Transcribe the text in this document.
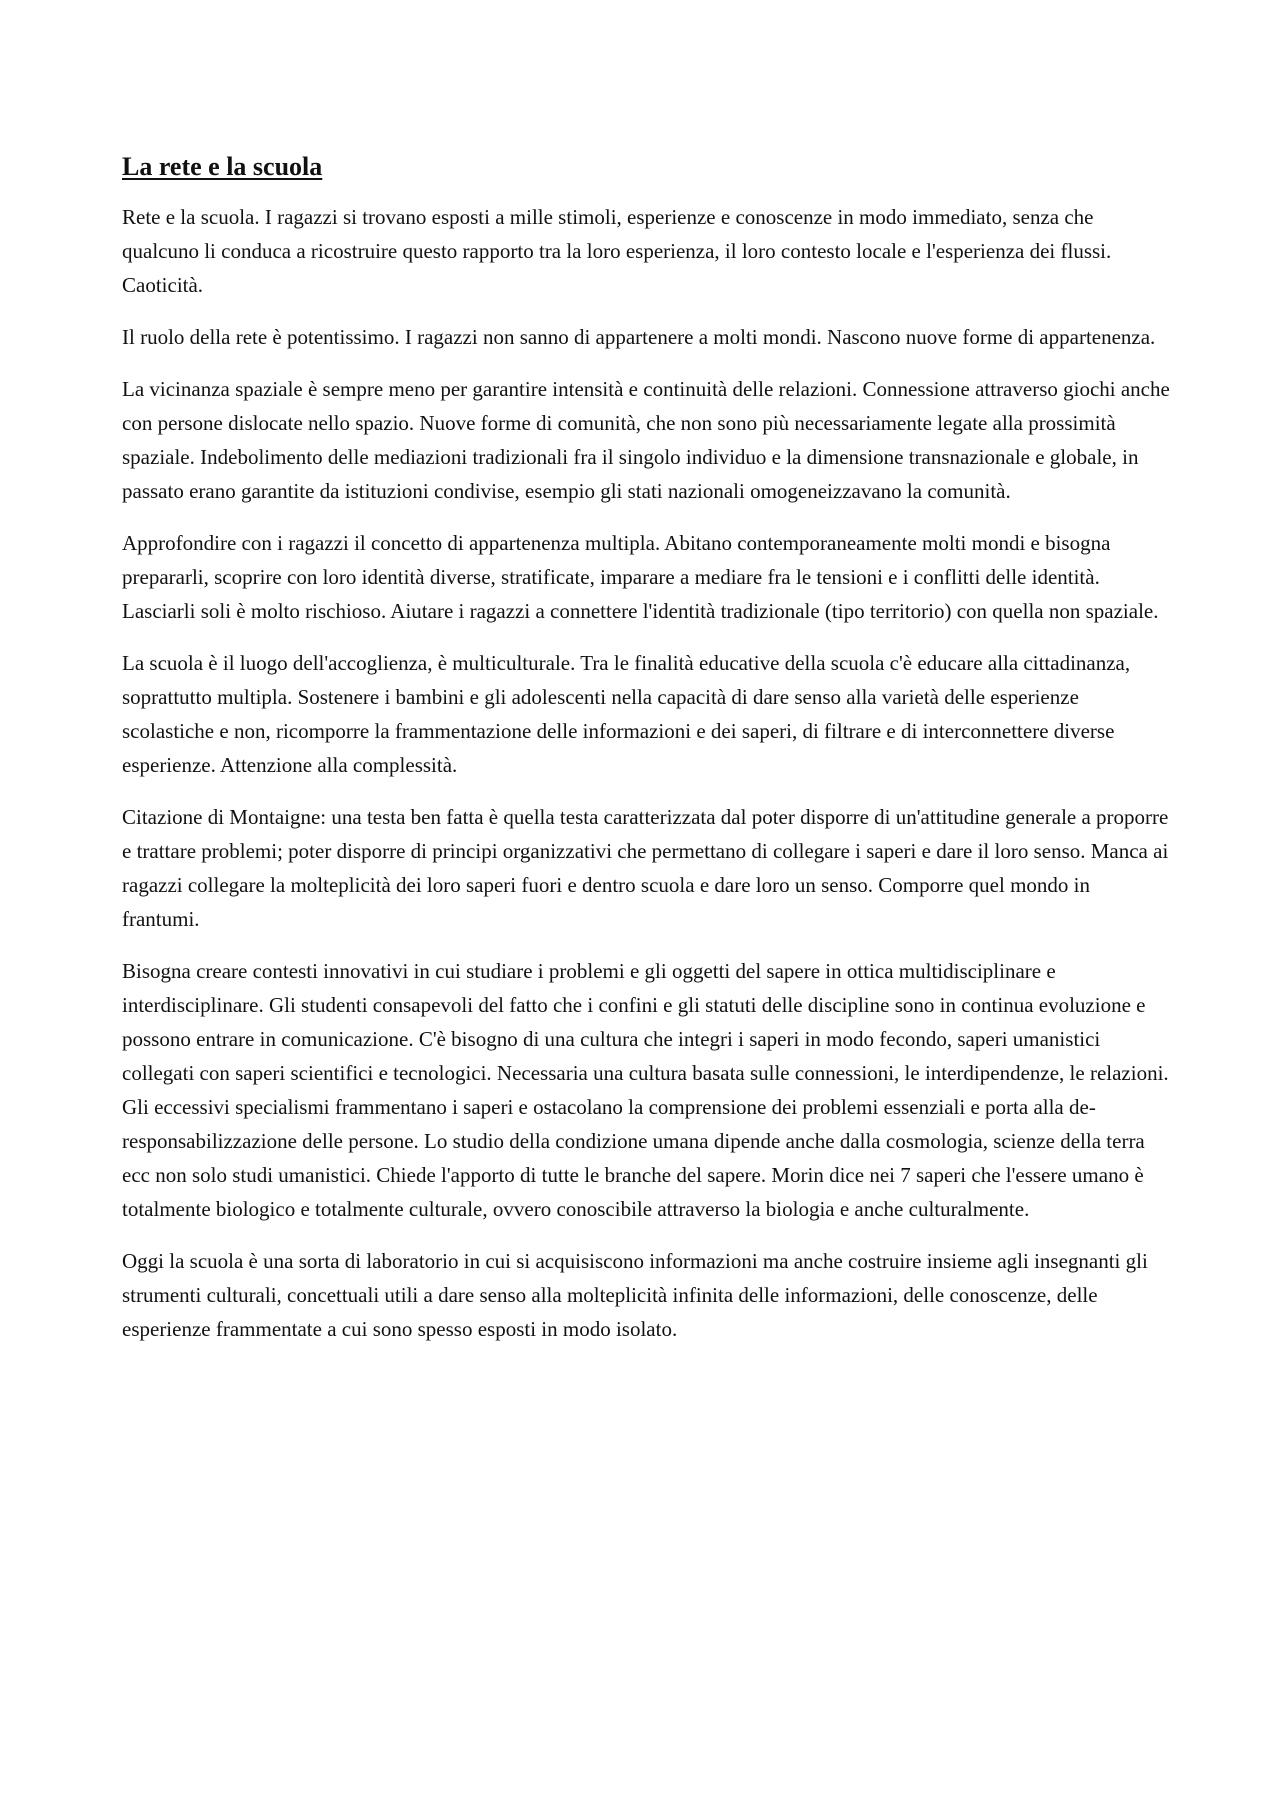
La rete e la scuola

Rete e la scuola. I ragazzi si trovano esposti a mille stimoli, esperienze e conoscenze in modo immediato, senza che qualcuno li conduca a ricostruire questo rapporto tra la loro esperienza, il loro contesto locale e l'esperienza dei flussi. Caoticità.

Il ruolo della rete è potentissimo. I ragazzi non sanno di appartenere a molti mondi. Nascono nuove forme di appartenenza.

La vicinanza spaziale è sempre meno per garantire intensità e continuità delle relazioni. Connessione attraverso giochi anche con persone dislocate nello spazio. Nuove forme di comunità, che non sono più necessariamente legate alla prossimità spaziale. Indebolimento delle mediazioni tradizionali fra il singolo individuo e la dimensione transnazionale e globale, in passato erano garantite da istituzioni condivise, esempio gli stati nazionali omogeneizzavano la comunità.

Approfondire con i ragazzi il concetto di appartenenza multipla. Abitano contemporaneamente molti mondi e bisogna prepararli, scoprire con loro identità diverse, stratificate, imparare a mediare fra le tensioni e i conflitti delle identità. Lasciarli soli è molto rischioso. Aiutare i ragazzi a connettere l'identità tradizionale (tipo territorio) con quella non spaziale.

La scuola è il luogo dell'accoglienza, è multiculturale. Tra le finalità educative della scuola c'è educare alla cittadinanza, soprattutto multipla. Sostenere i bambini e gli adolescenti nella capacità di dare senso alla varietà delle esperienze scolastiche e non, ricomporre la frammentazione delle informazioni e dei saperi, di filtrare e di interconnettere diverse esperienze. Attenzione alla complessità.

Citazione di Montaigne: una testa ben fatta è quella testa caratterizzata dal poter disporre di un'attitudine generale a proporre e trattare problemi; poter disporre di principi organizzativi che permettano di collegare i saperi e dare il loro senso. Manca ai ragazzi collegare la molteplicità dei loro saperi fuori e dentro scuola e dare loro un senso. Comporre quel mondo in frantumi.

Bisogna creare contesti innovativi in cui studiare i problemi e gli oggetti del sapere in ottica multidisciplinare e interdisciplinare. Gli studenti consapevoli del fatto che i confini e gli statuti delle discipline sono in continua evoluzione e possono entrare in comunicazione. C'è bisogno di una cultura che integri i saperi in modo fecondo, saperi umanistici collegati con saperi scientifici e tecnologici. Necessaria una cultura basata sulle connessioni, le interdipendenze, le relazioni. Gli eccessivi specialismi frammentano i saperi e ostacolano la comprensione dei problemi essenziali e porta alla de-responsabilizzazione delle persone. Lo studio della condizione umana dipende anche dalla cosmologia, scienze della terra ecc non solo studi umanistici. Chiede l'apporto di tutte le branche del sapere. Morin dice nei 7 saperi che l'essere umano è totalmente biologico e totalmente culturale, ovvero conoscibile attraverso la biologia e anche culturalmente.

Oggi la scuola è una sorta di laboratorio in cui si acquisiscono informazioni ma anche costruire insieme agli insegnanti gli strumenti culturali, concettuali utili a dare senso alla molteplicità infinita delle informazioni, delle conoscenze, delle esperienze frammentate a cui sono spesso esposti in modo isolato.
